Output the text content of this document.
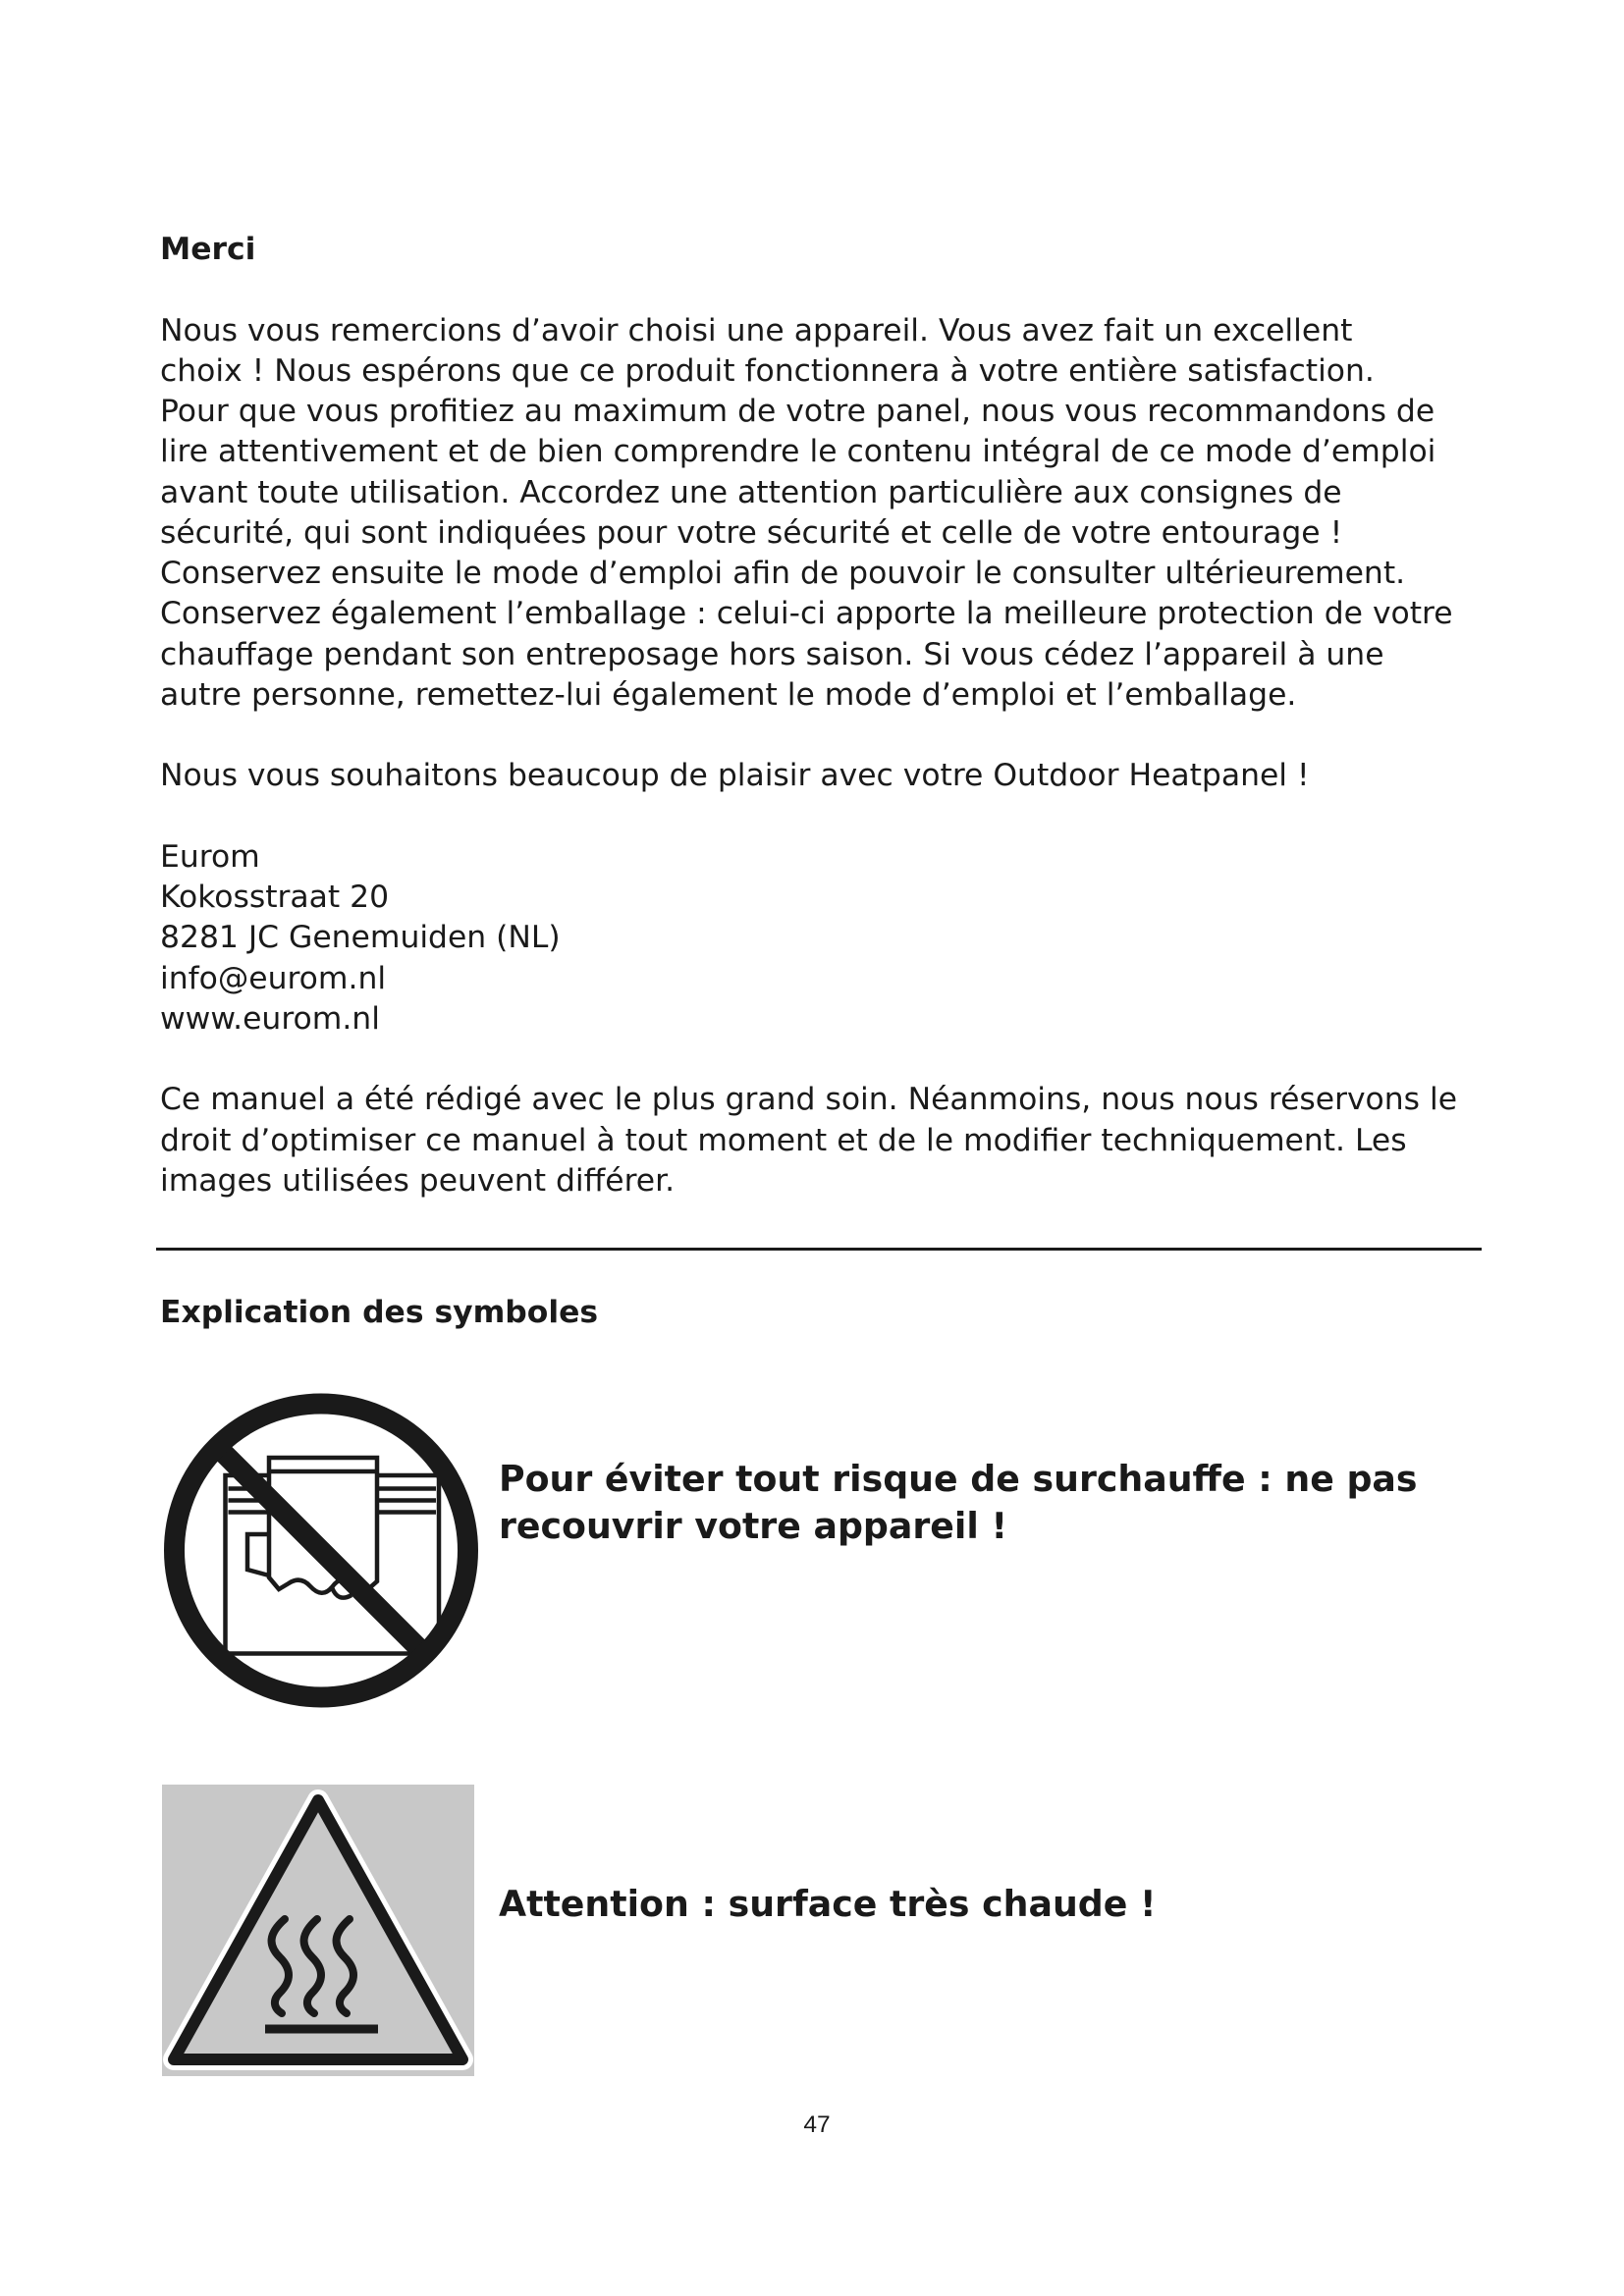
Merci
Nous vous remercions d’avoir choisi une appareil. Vous avez fait un excellent
choix ! Nous espérons que ce produit fonctionnera à votre entière satisfaction.
Pour que vous profitiez au maximum de votre panel, nous vous recommandons de
lire attentivement et de bien comprendre le contenu intégral de ce mode d’emploi
avant toute utilisation. Accordez une attention particulière aux consignes de
sécurité, qui sont indiquées pour votre sécurité et celle de votre entourage !
Conservez ensuite le mode d’emploi afin de pouvoir le consulter ultérieurement.
Conservez également l’emballage : celui-ci apporte la meilleure protection de votre
chauffage pendant son entreposage hors saison. Si vous cédez l’appareil à une
autre personne, remettez-lui également le mode d’emploi et l’emballage.
Nous vous souhaitons beaucoup de plaisir avec votre Outdoor Heatpanel !
Eurom
Kokosstraat 20
8281 JC Genemuiden (NL)
info@eurom.nl
www.eurom.nl
Ce manuel a été rédigé avec le plus grand soin. Néanmoins, nous nous réservons le
droit d’optimiser ce manuel à tout moment et de le modifier techniquement. Les
images utilisées peuvent différer.
Explication des symboles
Pour éviter tout risque de surchauffe : ne pas
recouvrir votre appareil !
Attention : surface très chaude !
47
